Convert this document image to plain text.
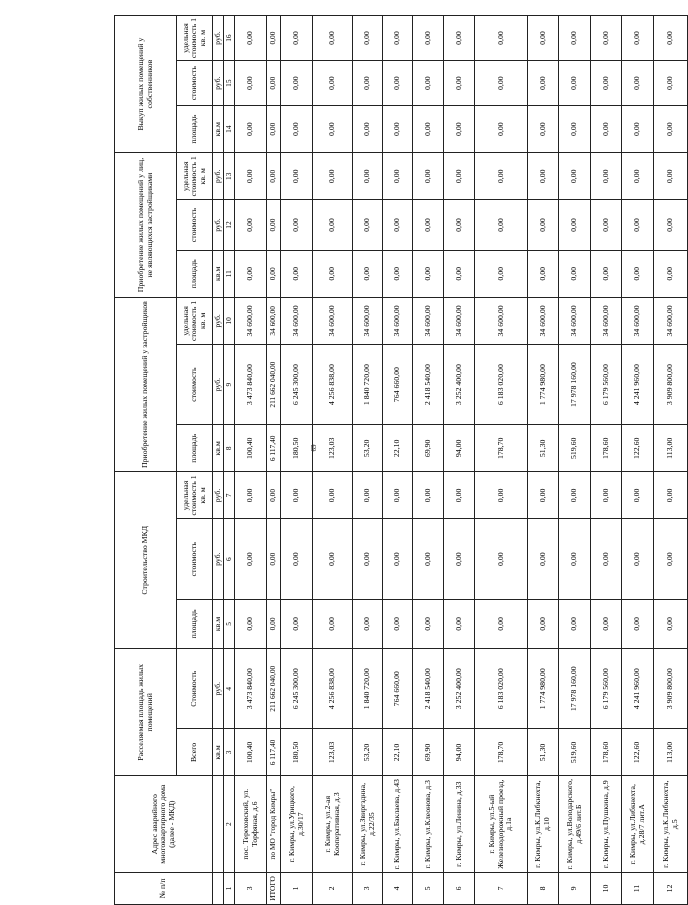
69
№ п/п	Адрес аварийного многоквартирного дома (далее - МКД)	Расселяемая площадь жилых помещений		Строительство МКД			Приобретение жилых помещений у застройщиков			Приобретение жилых помещений у лиц, не являющихся застройщиками			Выкуп жилых помещений у собственников		
		Всего	Стоимость	площадь	стоимость	удельная стоимость 1 кв. м	площадь	стоимость	удельная стоимость 1 кв. м	площадь	стоимость	удельная стоимость 1 кв. м	площадь	стоимость	удельная стоимость 1 кв. м
		кв.м	руб.	кв.м	руб.	руб.	кв.м	руб.	руб.	кв.м	руб.	руб.	кв.м	руб.	руб.
1	2	3	4	5	6	7	8	9	10	11	12	13	14	15	16
3	пос. Тереховский, ул. Торфяная, д.6	100,40	3 473 840,00	0,00	0,00	0,00	100,40	3 473 840,00	34 600,00	0,00	0,00	0,00	0,00	0,00	0,00
ИТОГО	по МО "город Кимры"	6 117,40	211 662 040,00	0,00	0,00	0,00	6 117,40	211 662 040,00	34 600,00	0,00	0,00	0,00	0,00	0,00	0,00
1	г. Кимры, ул.Урицкого, д.30/17	180,50	6 245 300,00	0,00	0,00	0,00	180,50	6 245 300,00	34 600,00	0,00	0,00	0,00	0,00	0,00	0,00
2	г. Кимры, ул.2-ая Кооперативная, д.3	123,03	4 256 838,00	0,00	0,00	0,00	123,03	4 256 838,00	34 600,00	0,00	0,00	0,00	0,00	0,00	0,00
3	г. Кимры, ул.Звиргзднна, д.22/35	53,20	1 840 720,00	0,00	0,00	0,00	53,20	1 840 720,00	34 600,00	0,00	0,00	0,00	0,00	0,00	0,00
4	г. Кимры, ул.Баклаева, д.43	22,10	764 660,00	0,00	0,00	0,00	22,10	764 660,00	34 600,00	0,00	0,00	0,00	0,00	0,00	0,00
5	г. Кимры, ул.Клеонова, д.3	69,90	2 418 540,00	0,00	0,00	0,00	69,90	2 418 540,00	34 600,00	0,00	0,00	0,00	0,00	0,00	0,00
6	г. Кимры, ул.Ленина, д.33	94,00	3 252 400,00	0,00	0,00	0,00	94,00	3 252 400,00	34 600,00	0,00	0,00	0,00	0,00	0,00	0,00
7	г. Кимры, ул.5-ый Железнодорожный проезд, д.1а	178,70	6 183 020,00	0,00	0,00	0,00	178,70	6 183 020,00	34 600,00	0,00	0,00	0,00	0,00	0,00	0,00
8	г. Кимры, ул.К.Либкнехта, д.10	51,30	1 774 980,00	0,00	0,00	0,00	51,30	1 774 980,00	34 600,00	0,00	0,00	0,00	0,00	0,00	0,00
9	г. Кимры, ул.Володарского, д.49/6 лит.Б	519,60	17 978 160,00	0,00	0,00	0,00	519,60	17 978 160,00	34 600,00	0,00	0,00	0,00	0,00	0,00	0,00
10	г. Кимры, ул.Пушкина, д.9	178,60	6 179 560,00	0,00	0,00	0,00	178,60	6 179 560,00	34 600,00	0,00	0,00	0,00	0,00	0,00	0,00
11	г. Кимры, ул.Либкнехта, д.28/7 лит.А	122,60	4 241 960,00	0,00	0,00	0,00	122,60	4 241 960,00	34 600,00	0,00	0,00	0,00	0,00	0,00	0,00
12	г. Кимры, ул.К.Либкнехта, д.5	113,00	3 909 800,00	0,00	0,00	0,00	113,00	3 909 800,00	34 600,00	0,00	0,00	0,00	0,00	0,00	0,00
